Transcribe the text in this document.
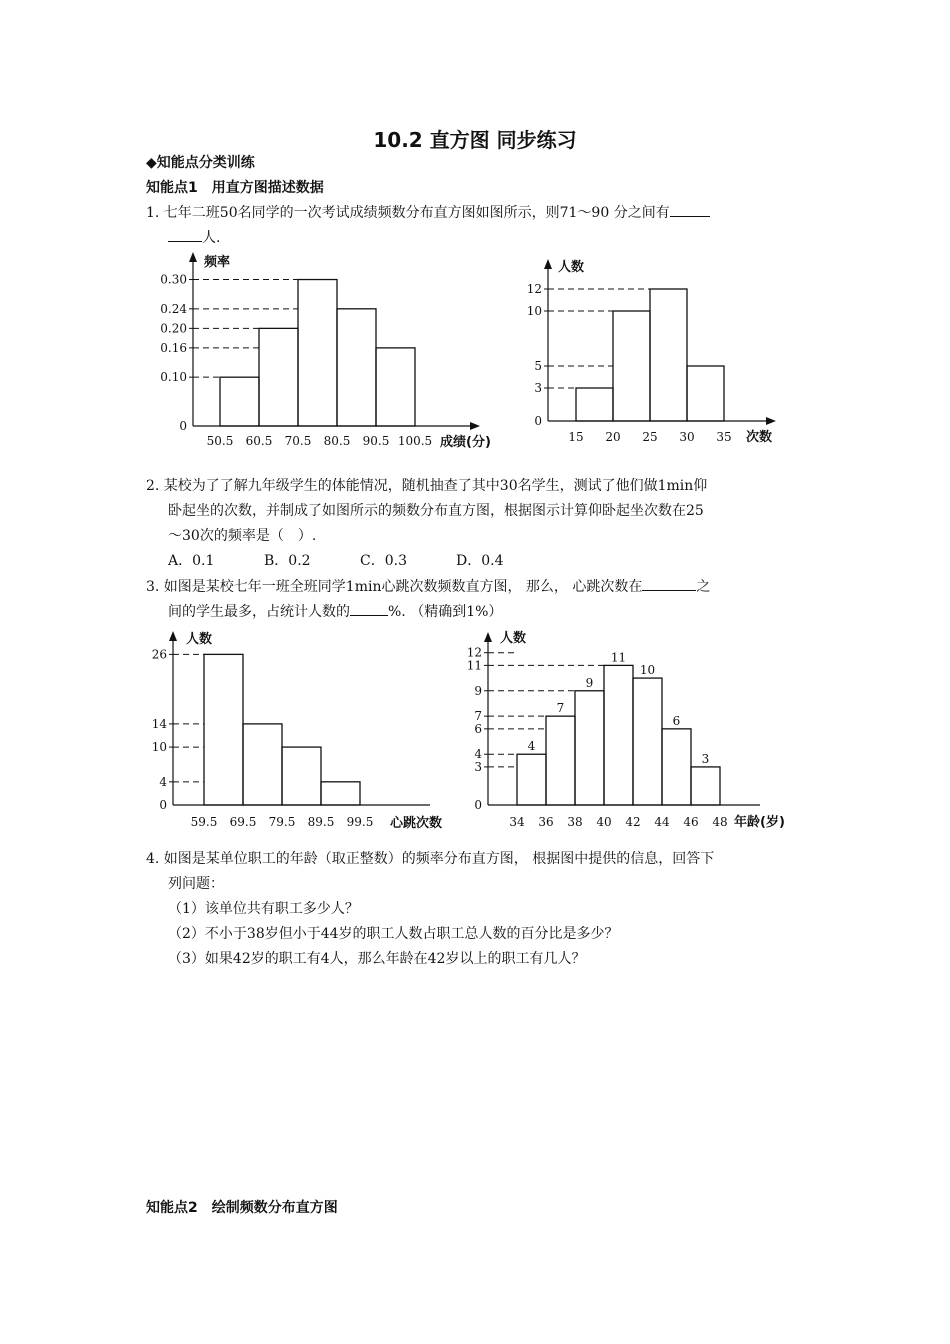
10.2 直方图 同步练习
◆知能点分类训练
知能点1　用直方图描述数据
1. 七年二班50名同学的一次考试成绩频数分布直方图如图所示，则71～90 分之间有
人.
0
0.10
0.16
0.20
0.24
0.30
50.5 60.5 70.5 80.5 90.5 100.5
频率
成绩(分)
0
3
5
10
12
15 20 25 30 35
人数
次数
2. 某校为了了解九年级学生的体能情况，随机抽查了其中30名学生，测试了他们做1min仰
卧起坐的次数，并制成了如图所示的频数分布直方图，根据图示计算仰卧起坐次数在25
～30次的频率是（　）.
A．0.1	B．0.2	C．0.3	D．0.4
3. 如图是某校七年一班全班同学1min心跳次数频数直方图， 那么， 心跳次数在	之
间的学生最多，占统计人数的	%. （精确到1%）
0
4
10
14
26
59.5 69.5 79.5 89.5 99.5
人数
心跳次数
0
3
4
6
7
9
11
12
34 36 38 40 42 44 46 48
4
7
9
11
10
6
3
人数
年龄(岁)
4. 如图是某单位职工的年龄（取正整数）的频率分布直方图， 根据图中提供的信息，回答下
列问题：
（1）该单位共有职工多少人？
（2）不小于38岁但小于44岁的职工人数占职工总人数的百分比是多少？
（3）如果42岁的职工有4人，那么年龄在42岁以上的职工有几人？
知能点2　绘制频数分布直方图
